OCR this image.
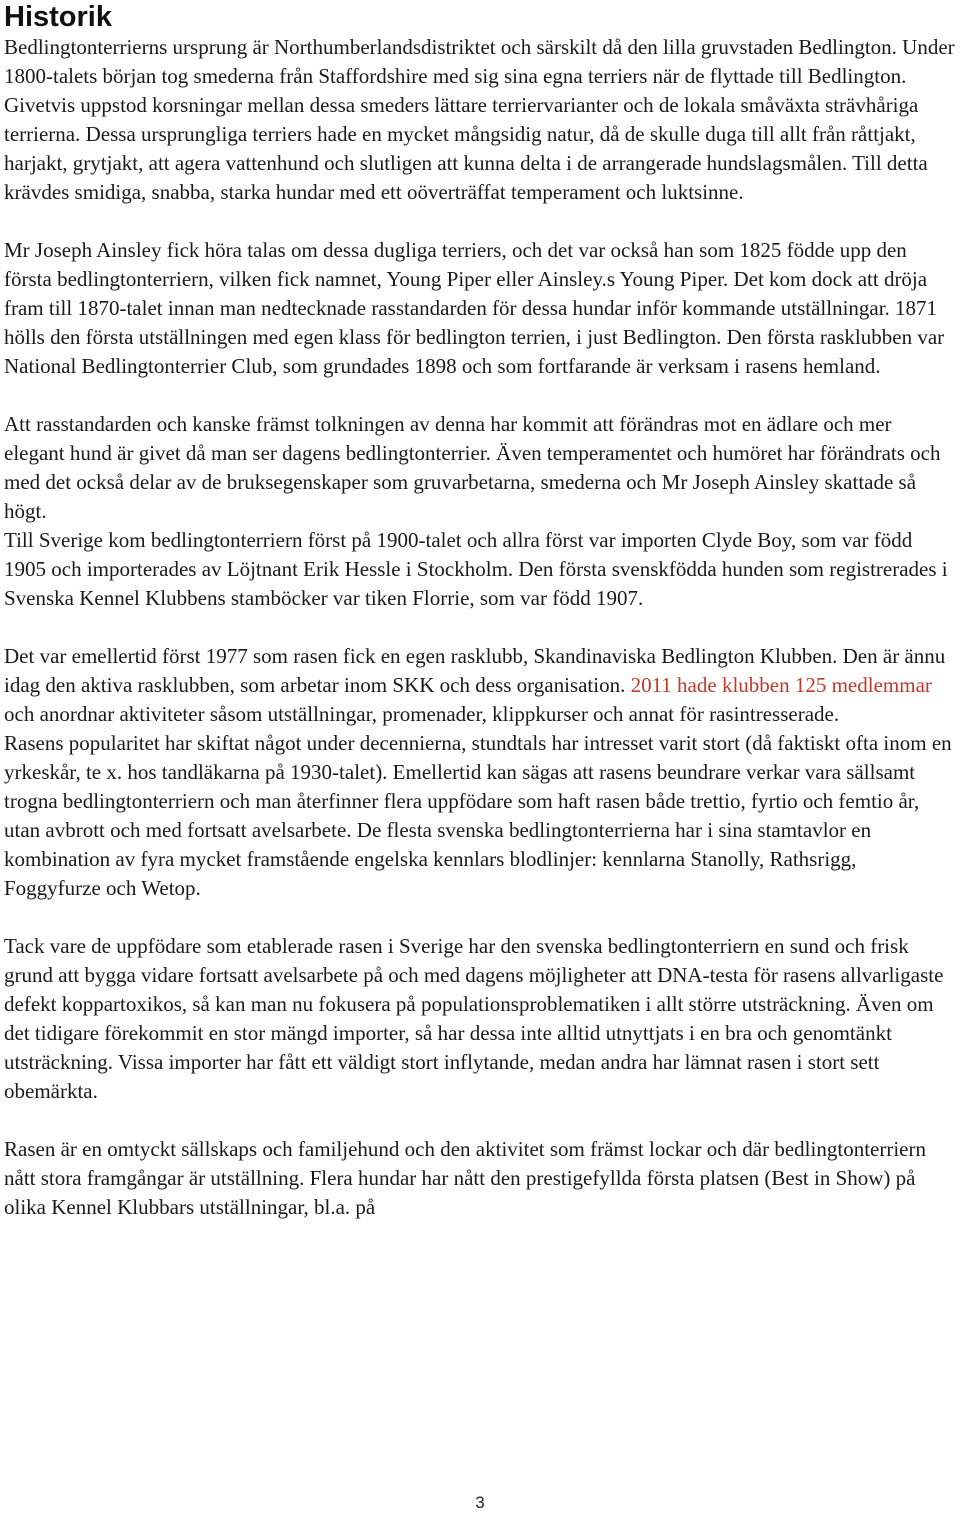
Historik

Bedlingtonterrierns ursprung är Northumberlandsdistriktet och särskilt då den lilla gruvstaden Bedlington. Under 1800-talets början tog smederna från Staffordshire med sig sina egna terriers när de flyttade till Bedlington. Givetvis uppstod korsningar mellan dessa smeders lättare terriervarianter och de lokala småväxta strävhåriga terrierna. Dessa ursprungliga terriers hade en mycket mångsidig natur, då de skulle duga till allt från råttjakt, harjakt, grytjakt, att agera vattenhund och slutligen att kunna delta i de arrangerade hundslagsmålen. Till detta krävdes smidiga, snabba, starka hundar med ett oöverträffat temperament och luktsinne.

Mr Joseph Ainsley fick höra talas om dessa dugliga terriers, och det var också han som 1825 födde upp den första bedlingtonterriern, vilken fick namnet, Young Piper eller Ainsley.s Young Piper. Det kom dock att dröja fram till 1870-talet innan man nedtecknade rasstandarden för dessa hundar inför kommande utställningar. 1871 hölls den första utställningen med egen klass för bedlington terrien, i just Bedlington. Den första rasklubben var National Bedlingtonterrier Club, som grundades 1898 och som fortfarande är verksam i rasens hemland.

Att rasstandarden och kanske främst tolkningen av denna har kommit att förändras mot en ädlare och mer elegant hund är givet då man ser dagens bedlingtonterrier. Även temperamentet och humöret har förändrats och med det också delar av de bruksegenskaper som gruvarbetarna, smederna och Mr Joseph Ainsley skattade så högt.

Till Sverige kom bedlingtonterriern först på 1900-talet och allra först var importen Clyde Boy, som var född 1905 och importerades av Löjtnant Erik Hessle i Stockholm. Den första svenskfödda hunden som registrerades i Svenska Kennel Klubbens stamböcker var tiken Florrie, som var född 1907.

Det var emellertid först 1977 som rasen fick en egen rasklubb, Skandinaviska Bedlington Klubben. Den är ännu idag den aktiva rasklubben, som arbetar inom SKK och dess organisation. 2011 hade klubben 125 medlemmar och anordnar aktiviteter såsom utställningar, promenader, klippkurser och annat för rasintresserade.

Rasens popularitet har skiftat något under decennierna, stundtals har intresset varit stort (då faktiskt ofta inom en yrkeskår, te x. hos tandläkarna på 1930-talet). Emellertid kan sägas att rasens beundrare verkar vara sällsamt trogna bedlingtonterriern och man återfinner flera uppfödare som haft rasen både trettio, fyrtio och femtio år, utan avbrott och med fortsatt avelsarbete. De flesta svenska bedlingtonterrierna har i sina stamtavlor en kombination av fyra mycket framstående engelska kennlars blodlinjer: kennlarna Stanolly, Rathsrigg, Foggyfurze och Wetop.

Tack vare de uppfödare som etablerade rasen i Sverige har den svenska bedlingtonterriern en sund och frisk grund att bygga vidare fortsatt avelsarbete på och med dagens möjligheter att DNA-testa för rasens allvarligaste defekt koppartoxikos, så kan man nu fokusera på populationsproblematiken i allt större utsträckning. Även om det tidigare förekommit en stor mängd importer, så har dessa inte alltid utnyttjats i en bra och genomtänkt utsträckning. Vissa importer har fått ett väldigt stort inflytande, medan andra har lämnat rasen i stort sett obemärkta.

Rasen är en omtyckt sällskaps och familjehund och den aktivitet som främst lockar och där bedlingtonterriern nått stora framgångar är utställning. Flera hundar har nått den prestigefyllda första platsen (Best in Show) på olika Kennel Klubbars utställningar, bl.a. på

3
